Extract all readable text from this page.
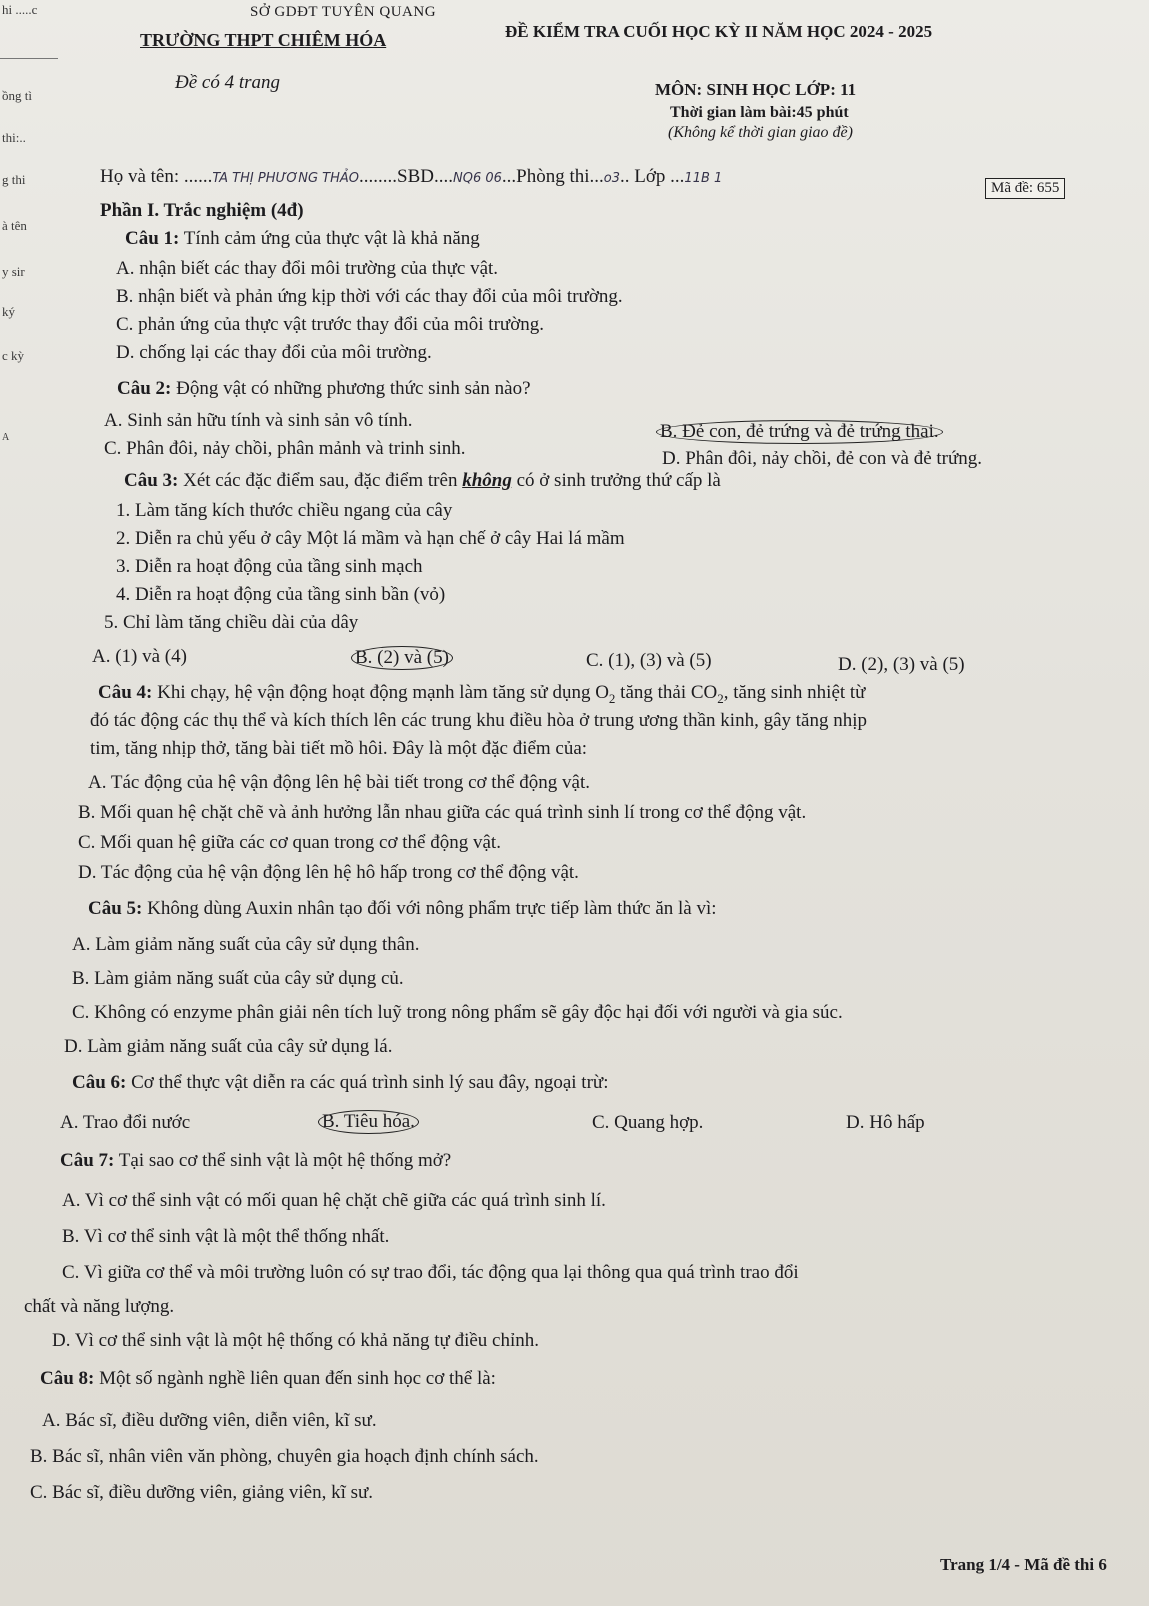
hi .....c
ồng tì
thi:..
g thi
à tên
y sir
ký
c kỳ
A
SỞ GDĐT TUYÊN QUANG
TRƯỜNG THPT CHIÊM HÓA	ĐỀ KIỂM TRA CUỐI HỌC KỲ II NĂM HỌC 2024 - 2025
Đề có 4 trang	MÔN: SINH HỌC LỚP: 11
Thời gian làm bài:45 phút
(Không kể thời gian giao đề)
Mã đề: 655
Họ và tên: ......TA THỊ PHƯƠNG THẢO........SBD....NQ6 06...Phòng thi...o3.. Lớp ...11B 1
Phần I. Trắc nghiệm (4đ)
Câu 1: Tính cảm ứng của thực vật là khả năng
A. nhận biết các thay đổi môi trường của thực vật.
B. nhận biết và phản ứng kịp thời với các thay đổi của môi trường.
C. phản ứng của thực vật trước thay đổi của môi trường.
D. chống lại các thay đổi của môi trường.
Câu 2: Động vật có những phương thức sinh sản nào?
A. Sinh sản hữu tính và sinh sản vô tính.
B. Đẻ con, đẻ trứng và đẻ trứng thai.
C. Phân đôi, nảy chồi, phân mảnh và trinh sinh.	D. Phân đôi, nảy chồi, đẻ con và đẻ trứng.
Câu 3: Xét các đặc điểm sau, đặc điểm trên không có ở sinh trưởng thứ cấp là
1. Làm tăng kích thước chiều ngang của cây
2. Diễn ra chủ yếu ở cây Một lá mầm và hạn chế ở cây Hai lá mầm
3. Diễn ra hoạt động của tầng sinh mạch
4. Diễn ra hoạt động của tầng sinh bần (vỏ)
5. Chỉ làm tăng chiều dài của dây
A. (1) và (4)	B. (2) và (5)	C. (1), (3) và (5)	D. (2), (3) và (5)
Câu 4: Khi chạy, hệ vận động hoạt động mạnh làm tăng sử dụng $O_2$ tăng thải $CO_2$, tăng sinh nhiệt từ
đó tác động các thụ thể và kích thích lên các trung khu điều hòa ở trung ương thần kinh, gây tăng nhịp
tim, tăng nhịp thở, tăng bài tiết mồ hôi. Đây là một đặc điểm của:
A. Tác động của hệ vận động lên hệ bài tiết trong cơ thể động vật.
B. Mối quan hệ chặt chẽ và ảnh hưởng lẫn nhau giữa các quá trình sinh lí trong cơ thể động vật.
C. Mối quan hệ giữa các cơ quan trong cơ thể động vật.
D. Tác động của hệ vận động lên hệ hô hấp trong cơ thể động vật.
Câu 5: Không dùng Auxin nhân tạo đối với nông phẩm trực tiếp làm thức ăn là vì:
A. Làm giảm năng suất của cây sử dụng thân.
B. Làm giảm năng suất của cây sử dụng củ.
C. Không có enzyme phân giải nên tích luỹ trong nông phẩm sẽ gây độc hại đối với người và gia súc.
D. Làm giảm năng suất của cây sử dụng lá.
Câu 6: Cơ thể thực vật diễn ra các quá trình sinh lý sau đây, ngoại trừ:
A. Trao đổi nước	B. Tiêu hóa.	C. Quang hợp.	D. Hô hấp
Câu 7: Tại sao cơ thể sinh vật là một hệ thống mở?
A. Vì cơ thể sinh vật có mối quan hệ chặt chẽ giữa các quá trình sinh lí.
B. Vì cơ thể sinh vật là một thể thống nhất.
C. Vì giữa cơ thể và môi trường luôn có sự trao đổi, tác động qua lại thông qua quá trình trao đổi
chất và năng lượng.
D. Vì cơ thể sinh vật là một hệ thống có khả năng tự điều chỉnh.
Câu 8: Một số ngành nghề liên quan đến sinh học cơ thể là:
A. Bác sĩ, điều dưỡng viên, diễn viên, kĩ sư.
B. Bác sĩ, nhân viên văn phòng, chuyên gia hoạch định chính sách.
C. Bác sĩ, điều dưỡng viên, giảng viên, kĩ sư.
Trang 1/4 - Mã đề thi 6
